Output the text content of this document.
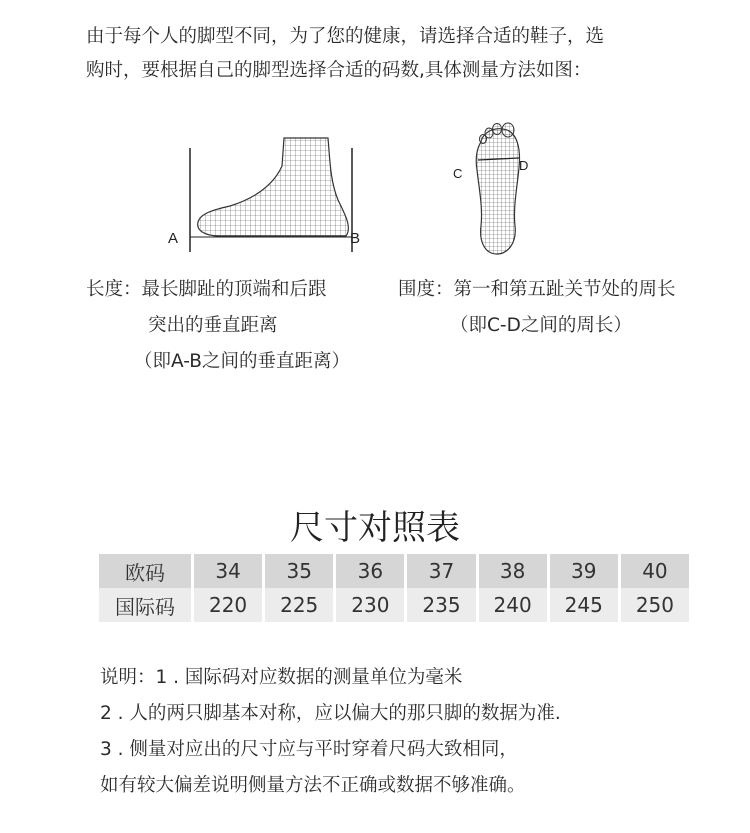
由于每个人的脚型不同，为了您的健康，请选择合适的鞋子，选
购时，要根据自己的脚型选择合适的码数,具体测量方法如图：
A	B
C
D
长度：最长脚趾的顶端和后跟
突出的垂直距离
（即A-B之间的垂直距离）
围度：第一和第五趾关节处的周长
（即C-D之间的周长）
尺寸对照表
欧码	34	35	36	37	38	39	40
国际码	220	225	230	235	240	245	250
说明：1 . 国际码对应数据的测量单位为毫米
2 . 人的两只脚基本对称，应以偏大的那只脚的数据为准.
3 . 侧量对应出的尺寸应与平时穿着尺码大致相同，
如有较大偏差说明侧量方法不正确或数据不够准确。
